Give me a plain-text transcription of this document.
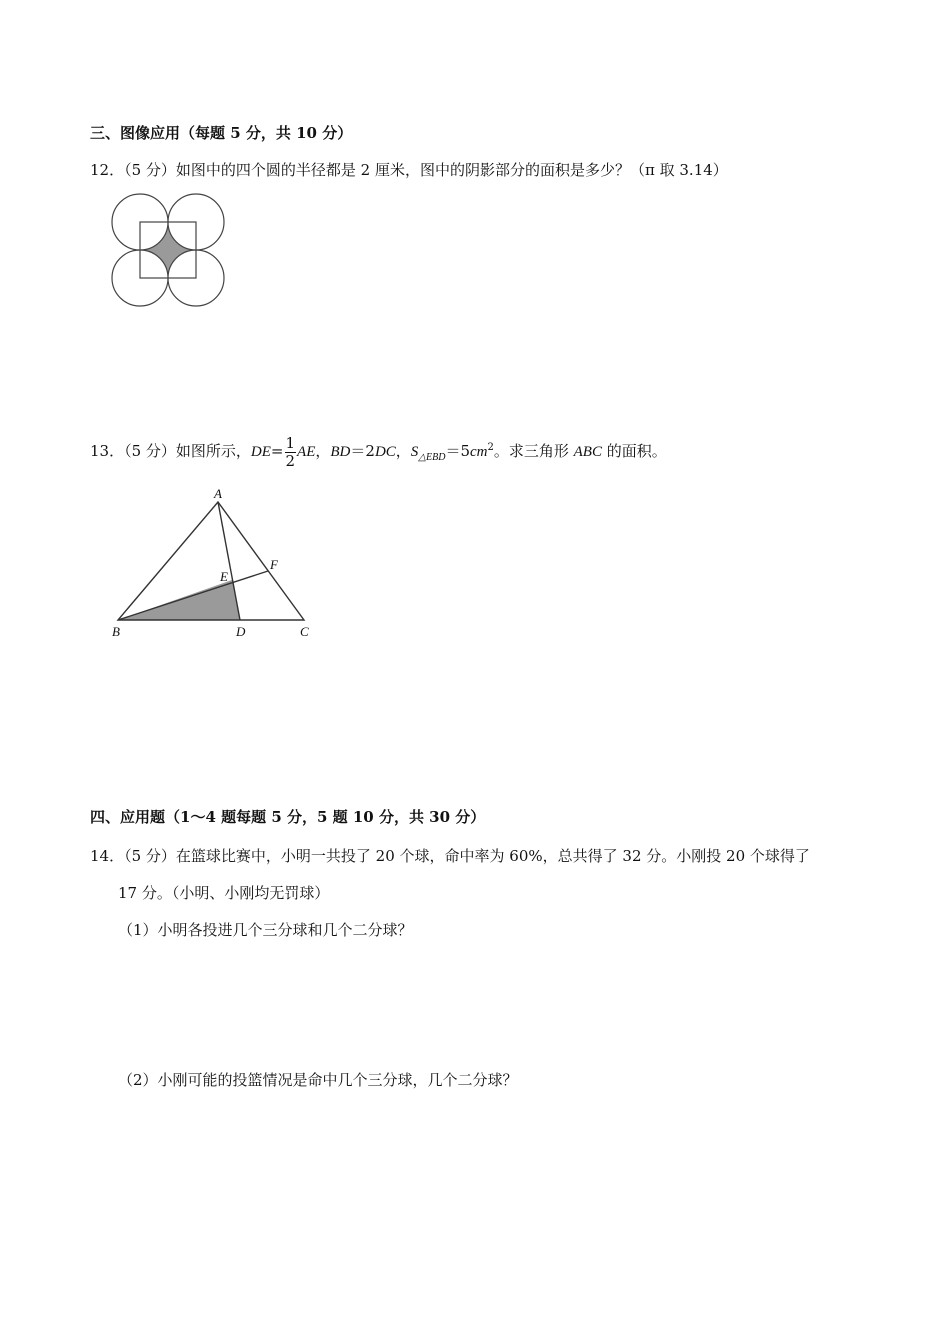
三、图像应用（每题 5 分，共 10 分）
12．（5 分）如图中的四个圆的半径都是 2 厘米，图中的阴影部分的面积是多少？（π 取 3.14）
13．（5 分）如图所示，$DE= \frac{1}{2}$ AE，BD＝2DC，$S_{\triangle EBD}=5cm^2$。求三角形 ABC 的面积。
A
B	C
D
E
F
四、应用题（1～4 题每题 5 分，5 题 10 分，共 30 分）
14．（5 分）在篮球比赛中，小明一共投了 20 个球，命中率为 60%，总共得了 32 分。小刚投 20 个球得了
17 分。（小明、小刚均无罚球）
（1）小明各投进几个三分球和几个二分球？
（2）小刚可能的投篮情况是命中几个三分球，几个二分球？
